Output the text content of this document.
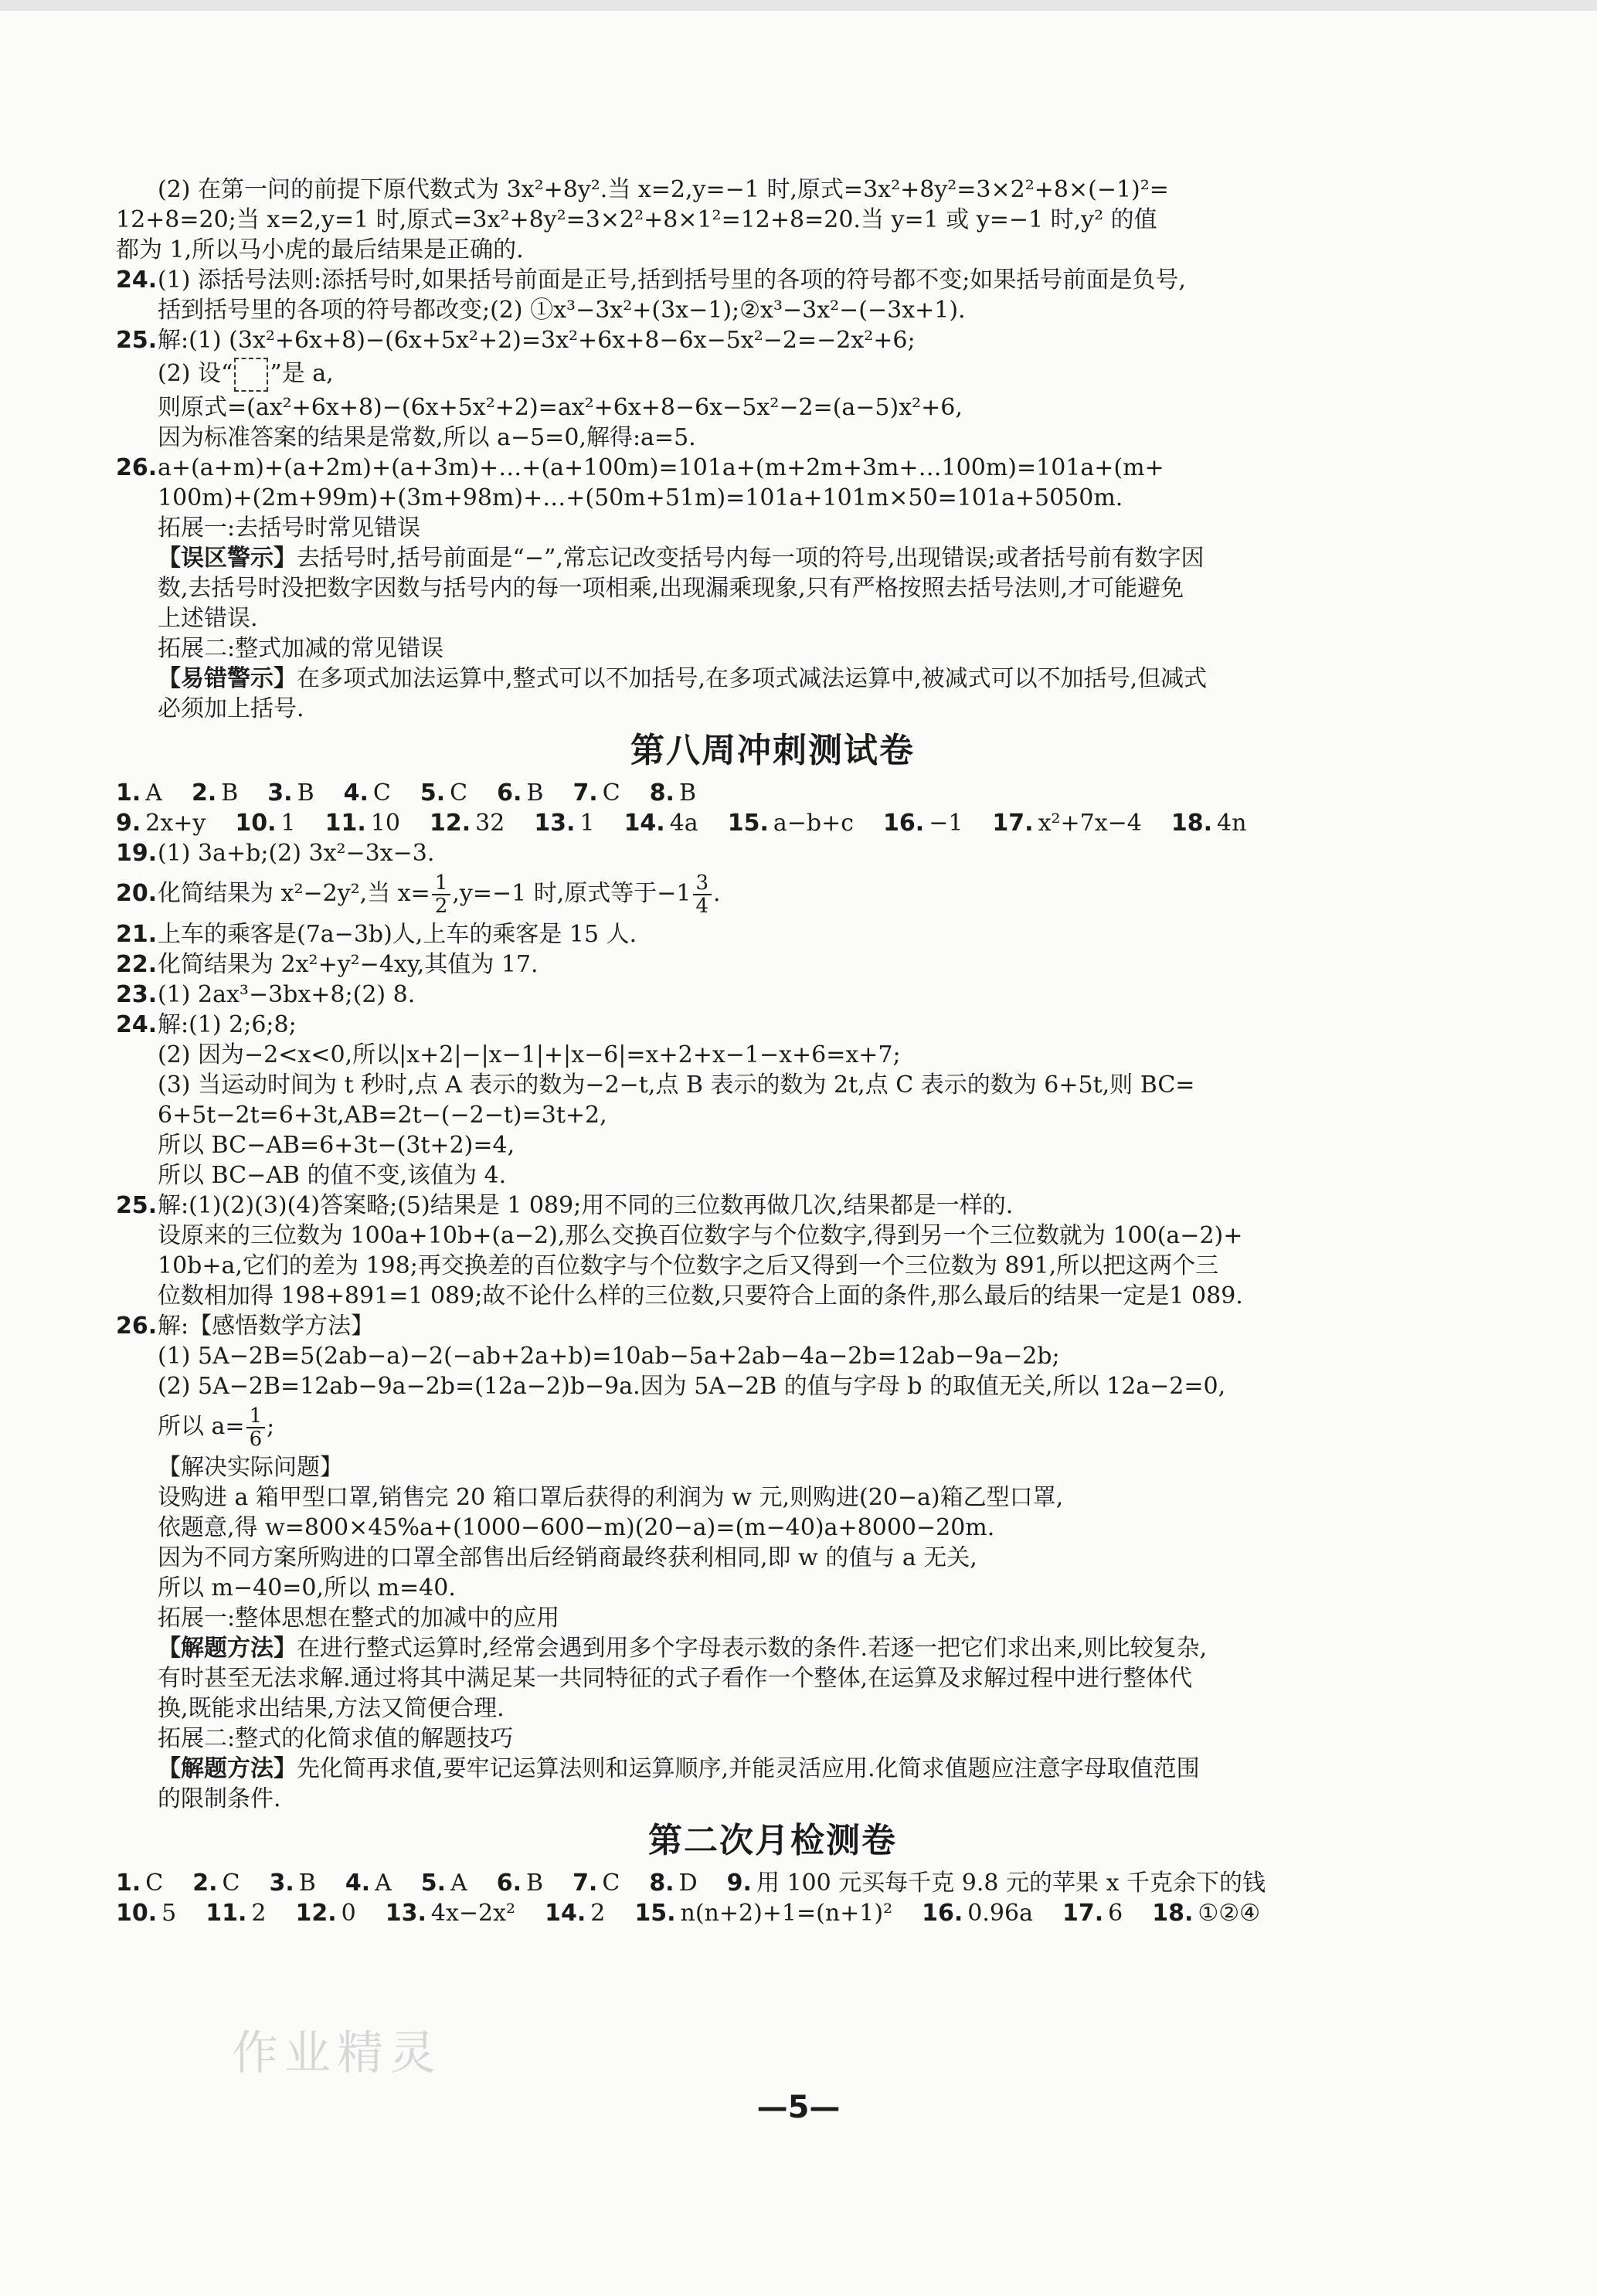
(2) 在第一问的前提下原代数式为 3x²+8y².当 x=2,y=−1 时,原式=3x²+8y²=3×2²+8×(−1)²=
12+8=20;当 x=2,y=1 时,原式=3x²+8y²=3×2²+8×1²=12+8=20.当 y=1 或 y=−1 时,y² 的值
都为 1,所以马小虎的最后结果是正确的.
24. (1) 添括号法则:添括号时,如果括号前面是正号,括到括号里的各项的符号都不变;如果括号前面是负号,
括到括号里的各项的符号都改变;(2) ①x³−3x²+(3x−1);②x³−3x²−(−3x+1).
25. 解:(1) (3x²+6x+8)−(6x+5x²+2)=3x²+6x+8−6x−5x²−2=−2x²+6;
(2) 设“ ”是 a,
则原式=(ax²+6x+8)−(6x+5x²+2)=ax²+6x+8−6x−5x²−2=(a−5)x²+6,
因为标准答案的结果是常数,所以 a−5=0,解得:a=5.
26. a+(a+m)+(a+2m)+(a+3m)+…+(a+100m)=101a+(m+2m+3m+…100m)=101a+(m+
100m)+(2m+99m)+(3m+98m)+…+(50m+51m)=101a+101m×50=101a+5050m.
拓展一:去括号时常见错误
【误区警示】去括号时,括号前面是“−”,常忘记改变括号内每一项的符号,出现错误;或者括号前有数字因
数,去括号时没把数字因数与括号内的每一项相乘,出现漏乘现象,只有严格按照去括号法则,才可能避免
上述错误.
拓展二:整式加减的常见错误
【易错警示】在多项式加法运算中,整式可以不加括号,在多项式减法运算中,被减式可以不加括号,但减式
必须加上括号.
第八周冲刺测试卷
1. A 2. B 3. B 4. C 5. C 6. B 7. C 8. B
9. 2x+y 10. 1 11. 10 12. 32 13. 1 14. 4a 15. a−b+c 16. −1 17. x²+7x−4 18. 4n
19. (1) 3a+b;(2) 3x²−3x−3.
20. 化简结果为 x²−2y²,当 $x= \frac{1}{2} ,y=-1$ 时,原式等于$-1 \frac{3}{4}$ .
21. 上车的乘客是(7a−3b)人,上车的乘客是 15 人.
22. 化简结果为 2x²+y²−4xy,其值为 17.
23. (1) 2ax³−3bx+8;(2) 8.
24. 解:(1) 2;6;8;
(2) 因为−2<x<0,所以|x+2|−|x−1|+|x−6|=x+2+x−1−x+6=x+7;
(3) 当运动时间为 t 秒时,点 A 表示的数为−2−t,点 B 表示的数为 2t,点 C 表示的数为 6+5t,则 BC=
6+5t−2t=6+3t,AB=2t−(−2−t)=3t+2,
所以 BC−AB=6+3t−(3t+2)=4,
所以 BC−AB 的值不变,该值为 4.
25. 解:(1)(2)(3)(4)答案略;(5)结果是 1 089;用不同的三位数再做几次,结果都是一样的.
设原来的三位数为 100a+10b+(a−2),那么交换百位数字与个位数字,得到另一个三位数就为 100(a−2)+
10b+a,它们的差为 198;再交换差的百位数字与个位数字之后又得到一个三位数为 891,所以把这两个三
位数相加得 198+891=1 089;故不论什么样的三位数,只要符合上面的条件,那么最后的结果一定是1 089.
26. 解:【感悟数学方法】
(1) 5A−2B=5(2ab−a)−2(−ab+2a+b)=10ab−5a+2ab−4a−2b=12ab−9a−2b;
(2) 5A−2B=12ab−9a−2b=(12a−2)b−9a.因为 5A−2B 的值与字母 b 的取值无关,所以 12a−2=0,
所以 $a= \frac{1}{6}$ ;
【解决实际问题】
设购进 a 箱甲型口罩,销售完 20 箱口罩后获得的利润为 w 元,则购进(20−a)箱乙型口罩,
依题意,得 w=800×45%a+(1000−600−m)(20−a)=(m−40)a+8000−20m.
因为不同方案所购进的口罩全部售出后经销商最终获利相同,即 w 的值与 a 无关,
所以 m−40=0,所以 m=40.
拓展一:整体思想在整式的加减中的应用
【解题方法】在进行整式运算时,经常会遇到用多个字母表示数的条件.若逐一把它们求出来,则比较复杂,
有时甚至无法求解.通过将其中满足某一共同特征的式子看作一个整体,在运算及求解过程中进行整体代
换,既能求出结果,方法又简便合理.
拓展二:整式的化简求值的解题技巧
【解题方法】先化简再求值,要牢记运算法则和运算顺序,并能灵活应用.化简求值题应注意字母取值范围
的限制条件.
第二次月检测卷
1. C 2. C 3. B 4. A 5. A 6. B 7. C 8. D 9. 用 100 元买每千克 9.8 元的苹果 x 千克余下的钱
10. 5 11. 2 12. 0 13. 4x−2x² 14. 2 15. n(n+2)+1=(n+1)² 16. 0.96a 17. 6 18. ①②④
作业精灵
—5—
